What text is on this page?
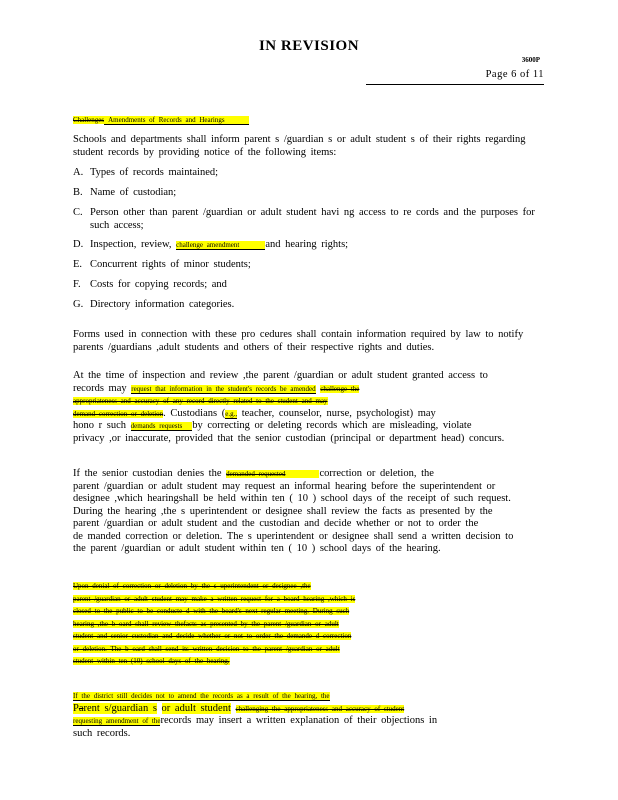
IN REVISION
3600P
Page 6 of 11
Challenges Amendments of Records and Hearings

Schools and departments shall inform parent s /guardian s or adult student s of their rights regarding student records by providing notice of the following items:

A. Types of records maintained;
B. Name of custodian;
C. Person other than parent /guardian or adult student havi ng access to re cords and the purposes for such access;
D. Inspection, review, challenge amendment and hearing rights;
E. Concurrent rights of minor students;
F. Costs for copying records; and
G. Directory information categories.

Forms used in connection with these pro cedures shall contain information required by law to notify parents /guardians ,adult students and others of their respective rights and duties.

At the time of inspection and review ,the parent /guardian or adult student granted access to
records may request that information in the student's records be amended challenge the
appropriateness and accuracy of any record directly related to the student and may
demand correction or deletion. Custodians (e.g., teacher, counselor, nurse, psychologist) may
hono r such demands requests by correcting or deleting records which are misleading, violate
privacy ,or inaccurate, provided that the senior custodian (principal or department head) concurs.
If the senior custodian denies the demanded requested	correction or deletion, the
parent /guardian or adult student may request an informal hearing before the superintendent or
designee ,which hearingshall be held within ten ( 10 ) school days of the receipt of such request.
During the hearing ,the s uperintendent or designee shall review the facts as presented by the
parent /guardian or adult student and the custodian and decide whether or not to order the
de manded correction or deletion. The s uperintendent or designee shall send a written decision to
the parent /guardian or adult student within ten ( 10 ) school days of the hearing.
Upon denial of correction or deletion by the s uperintendent or designee ,the
parent /guardian or adult student may make a written request for a board hearing ,which is
closed to the public to be conducte d with the board's next regular meeting. During such
hearing ,the b oard shall review thefacts as presented by the parent /guardian or adult
student and senior custodian and decide whether or not to order the demande d correction
or deletion. The b oard shall send its written decision to the parent /guardian or adult
student within ten (10) school days of the hearing.
If the district still decides not to amend the records as a result of the hearing, the
Parent s/guardian s or adult student challenging the appropriateness and accuracy of student
requesting amendment of therecords may insert a written explanation of their objections in
such records.
